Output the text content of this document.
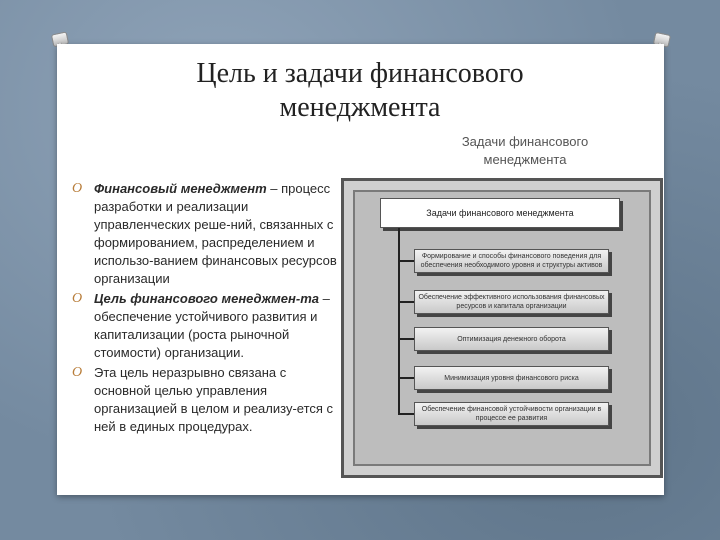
Цель и задачи финансового
менеджмента
Задачи финансового
менеджмента
O Финансовый менеджмент – процесс разработки и реализации управленческих реше-ний, связанных с формированием, распределением и использо-ванием финансовых ресурсов организации
O Цель финансового менеджмен-та – обеспечение устойчивого развития и капитализации (роста рыночной стоимости) организации.
O Эта цель неразрывно связана с основной целью управления организацией в целом и реализу-ется с ней в единых процедурах.
Задачи финансового менеджмента
Формирование и способы финансового поведения для обеспечения необходимого уровня и структуры активов
Обеспечение эффективного использования финансовых ресурсов и капитала организации
Оптимизация денежного оборота
Минимизация уровня финансового риска
Обеспечение финансовой устойчивости организации в процессе ее развития
